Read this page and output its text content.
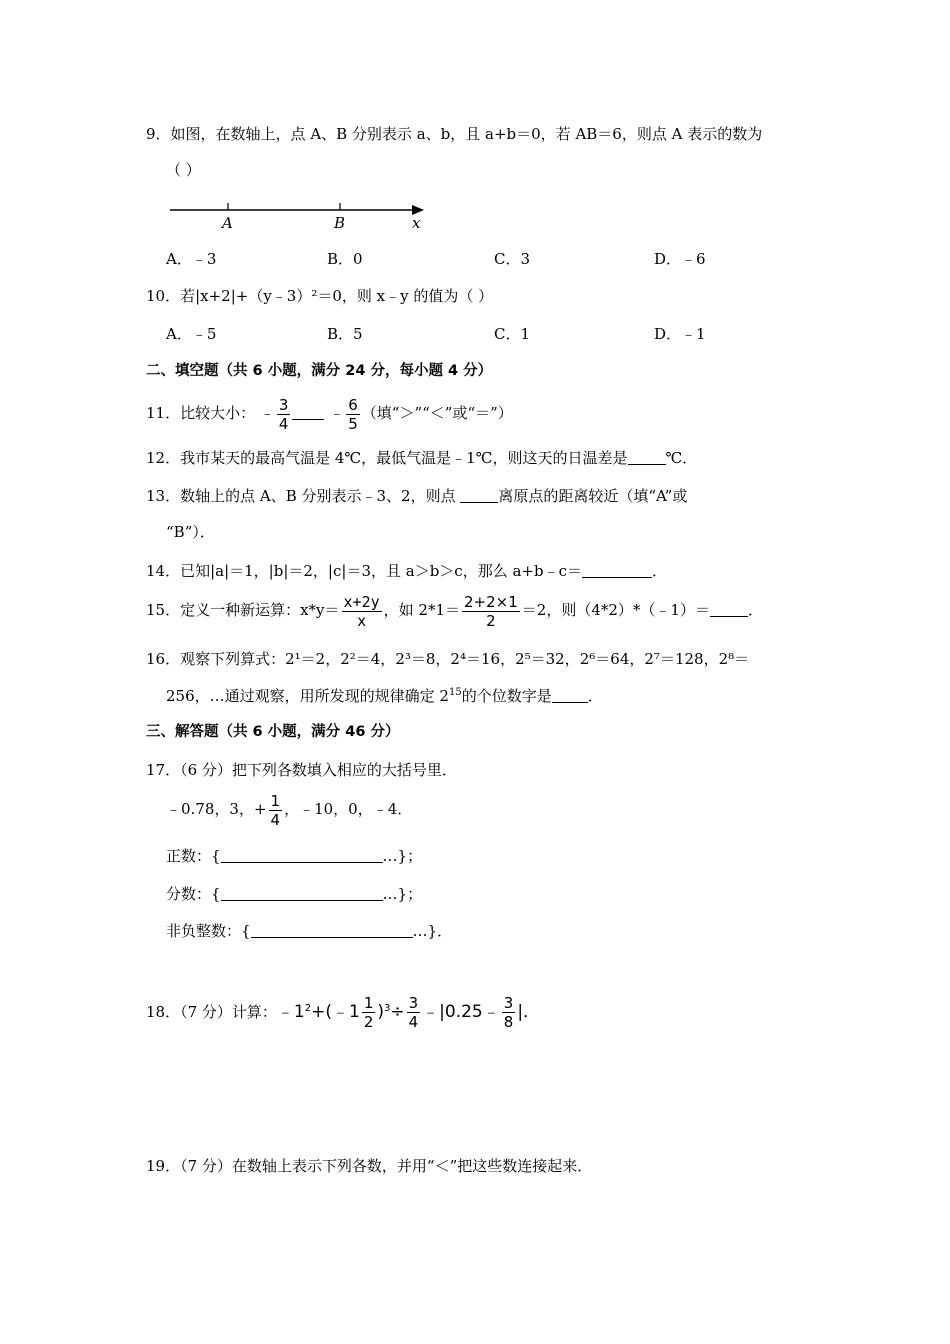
9．如图，在数轴上，点 A、B 分别表示 a、b，且 a+b＝0，若 AB＝6，则点 A 表示的数为
（ ）
A	B	x
A．﹣3	B．0	C．3	D．﹣6
10．若|x+2|+（y﹣3）²＝0，则 x﹣y 的值为（ ）
A．﹣5	B．5	C．1	D．﹣1
二、填空题（共 6 小题，满分 24 分，每小题 4 分）
11．比较大小： ﹣ $\frac{3}{4}$	﹣ $\frac{6}{5}$ （填“＞”“＜”或“＝”）
12．我市某天的最高气温是 4℃，最低气温是﹣1℃，则这天的日温差是	℃．
13．数轴上的点 A、B 分别表示﹣3、2，则点	离原点的距离较近（填“A”或
“B”）．
14．已知|a|＝1，|b|＝2，|c|＝3，且 a＞b＞c，那么 a+b﹣c＝	．
15．定义一种新运算：$x*y= \frac{x+2y}{x}$ ，如 $2*1= \frac{2+2\times 1}{2} =2$，则（4*2）*（﹣1）＝	．
16．观察下列算式：2¹＝2，2²＝4，2³＝8，2⁴＝16，2⁵＝32，2⁶＝64，2⁷＝128，2⁸＝
256，…通过观察，用所发现的规律确定 $2^{15}$的个位数字是 ．
三、解答题（共 6 小题，满分 46 分）
17．（6 分）把下列各数填入相应的大括号里．
﹣0.78，3，+ $\frac{1}{4}$ ，﹣10，0，﹣4．
正数：{	…}；
分数：{	…}；
非负整数：{	…}．
18．（7 分）计算：$﹣1^2+(﹣1 \frac{1}{2} )^3\div \frac{3}{4}$ ﹣|0.25﹣ $\frac{3}{8}$ |．
19．（7 分）在数轴上表示下列各数，并用“＜”把这些数连接起来．
